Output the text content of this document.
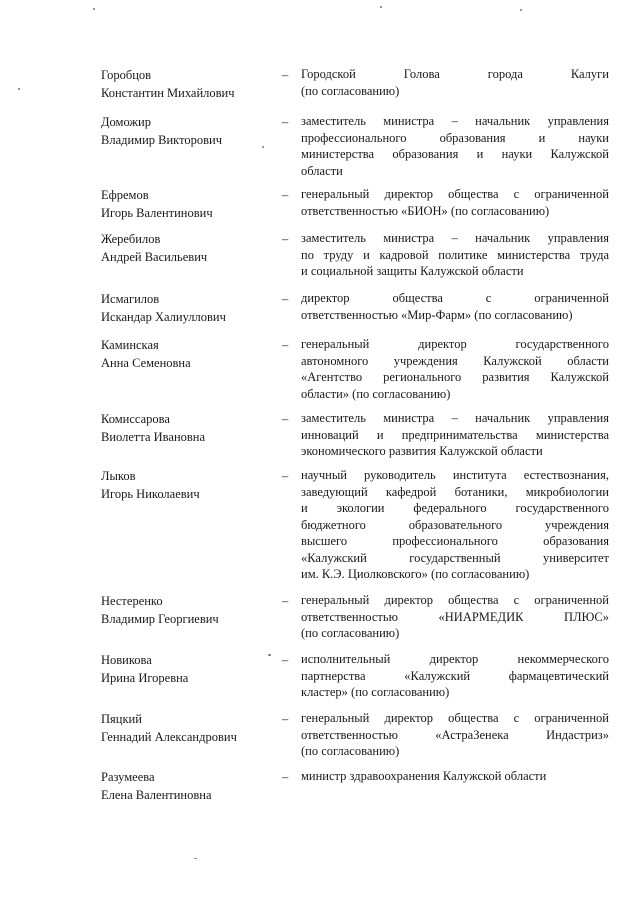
Горобцов
Константин Михайлович
–	Городской Голова города Калуги
(по согласованию)
Доможир
Владимир Викторович
–	заместитель министра – начальник управления
профессионального образования и науки
министерства образования и науки Калужской
области
Ефремов
Игорь Валентинович
–	генеральный директор общества с ограниченной
ответственностью «БИОН» (по согласованию)
Жеребилов
Андрей Васильевич
–	заместитель министра – начальник управления
по труду и кадровой политике министерства труда
и социальной защиты Калужской области
Исмагилов
Искандар Халиуллович
–	директор общества с ограниченной
ответственностью «Мир-Фарм» (по согласованию)
Каминская
Анна Семеновна
–	генеральный директор государственного
автономного учреждения Калужской области
«Агентство регионального развития Калужской
области» (по согласованию)
Комиссарова
Виолетта Ивановна
–	заместитель министра – начальник управления
инноваций и предпринимательства министерства
экономического развития Калужской области
Лыков
Игорь Николаевич
–	научный руководитель института естествознания,
заведующий кафедрой ботаники, микробиологии
и экологии федерального государственного
бюджетного образовательного учреждения
высшего профессионального образования
«Калужский государственный университет
им. К.Э. Циолковского» (по согласованию)
Нестеренко
Владимир Георгиевич
–	генеральный директор общества с ограниченной
ответственностью «НИАРМЕДИК ПЛЮС»
(по согласованию)
Новикова
Ирина Игоревна
–	исполнительный директор некоммерческого
партнерства «Калужский фармацевтический
кластер» (по согласованию)
Пяцкий
Геннадий Александрович
–	генеральный директор общества с ограниченной
ответственностью «АстраЗенека Индастриз»
(по согласованию)
Разумеева
Елена Валентиновна
–	министр здравоохранения Калужской области
